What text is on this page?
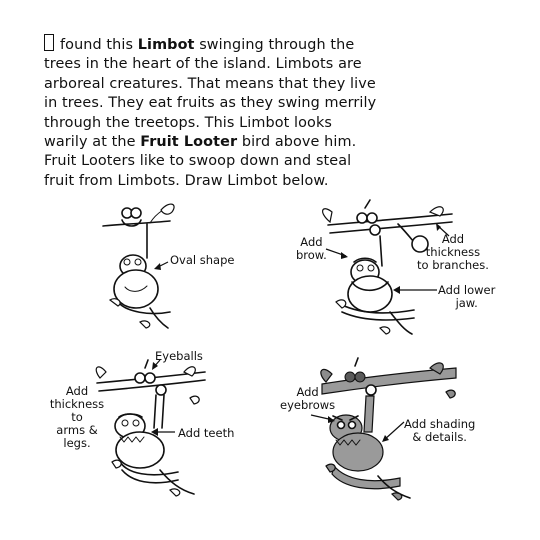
found this Limbot swinging through the
trees in the heart of the island. Limbots are
arboreal creatures. That means that they live
in trees. They eat fruits as they swing merrily
through the treetops. This Limbot looks
warily at the Fruit Looter bird above him.
Fruit Looters like to swoop down and steal
fruit from Limbots. Draw Limbot below.
Oval shape
Add
brow.
Add
thickness
to branches.
Add lower
jaw.
Eyeballs
Add
thickness
to
arms &
legs.
Add teeth
Add
eyebrows
Add shading
& details.
